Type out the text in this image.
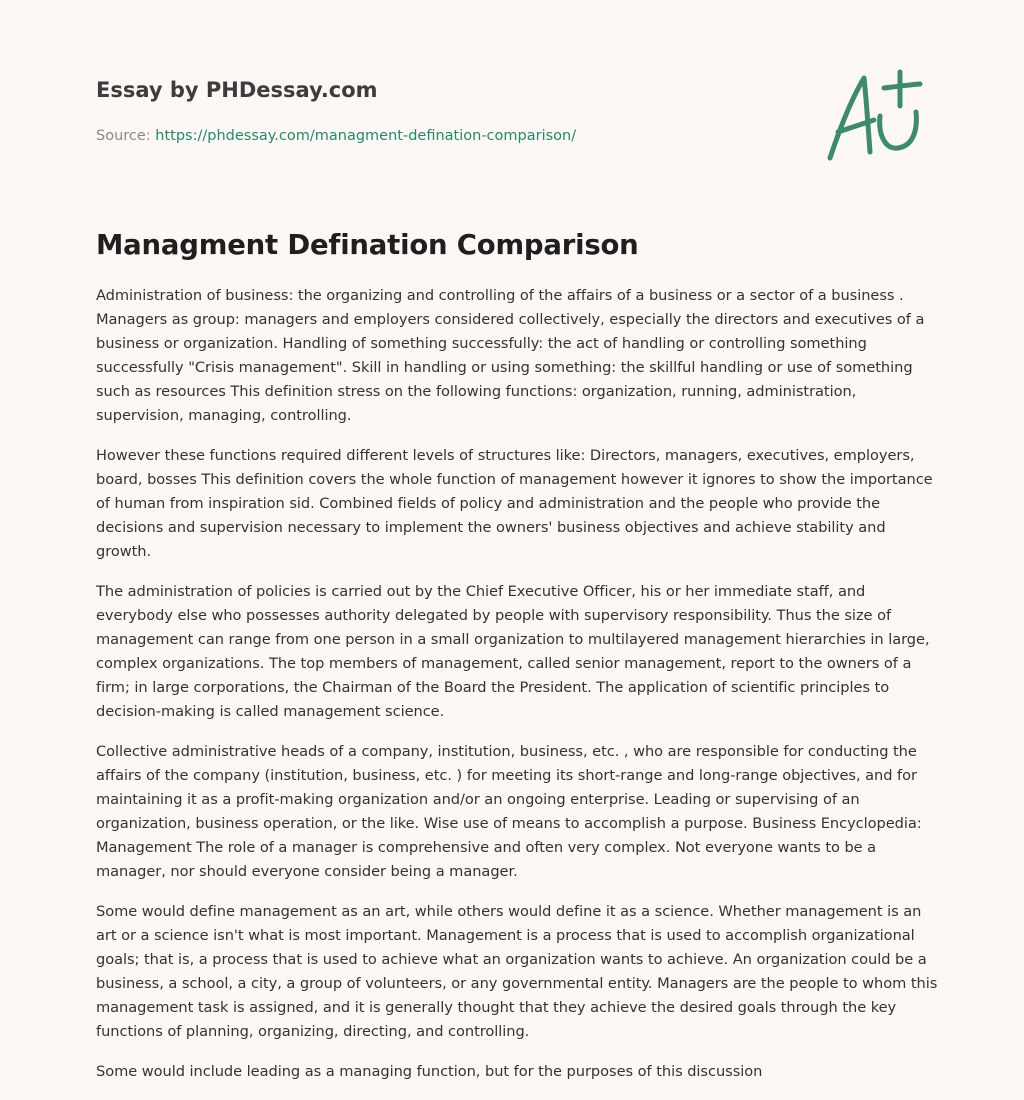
Essay by PHDessay.com
Source: https://phdessay.com/managment-defination-comparison/
Managment Defination Comparison

Administration of business: the organizing and controlling of the affairs of a business or a sector of a business . Managers as group: managers and employers considered collectively, especially the directors and executives of a business or organization. Handling of something successfully: the act of handling or controlling something successfully "Crisis management". Skill in handling or using something: the skillful handling or use of something such as resources This definition stress on the following functions: organization, running, administration, supervision, managing, controlling.

However these functions required different levels of structures like: Directors, managers, executives, employers, board, bosses This definition covers the whole function of management however it ignores to show the importance of human from inspiration sid. Combined fields of policy and administration and the people who provide the decisions and supervision necessary to implement the owners' business objectives and achieve stability and growth.

The administration of policies is carried out by the Chief Executive Officer, his or her immediate staff, and everybody else who possesses authority delegated by people with supervisory responsibility. Thus the size of management can range from one person in a small organization to multilayered management hierarchies in large, complex organizations. The top members of management, called senior management, report to the owners of a firm; in large corporations, the Chairman of the Board the President. The application of scientific principles to decision-making is called management science.

Collective administrative heads of a company, institution, business, etc. , who are responsible for conducting the affairs of the company (institution, business, etc. ) for meeting its short-range and long-range objectives, and for maintaining it as a profit-making organization and/or an ongoing enterprise. Leading or supervising of an organization, business operation, or the like. Wise use of means to accomplish a purpose. Business Encyclopedia: Management The role of a manager is comprehensive and often very complex. Not everyone wants to be a manager, nor should everyone consider being a manager.

Some would define management as an art, while others would define it as a science. Whether management is an art or a science isn't what is most important. Management is a process that is used to accomplish organizational goals; that is, a process that is used to achieve what an organization wants to achieve. An organization could be a business, a school, a city, a group of volunteers, or any governmental entity. Managers are the people to whom this management task is assigned, and it is generally thought that they achieve the desired goals through the key functions of planning, organizing, directing, and controlling.

Some would include leading as a managing function, but for the purposes of this discussion
